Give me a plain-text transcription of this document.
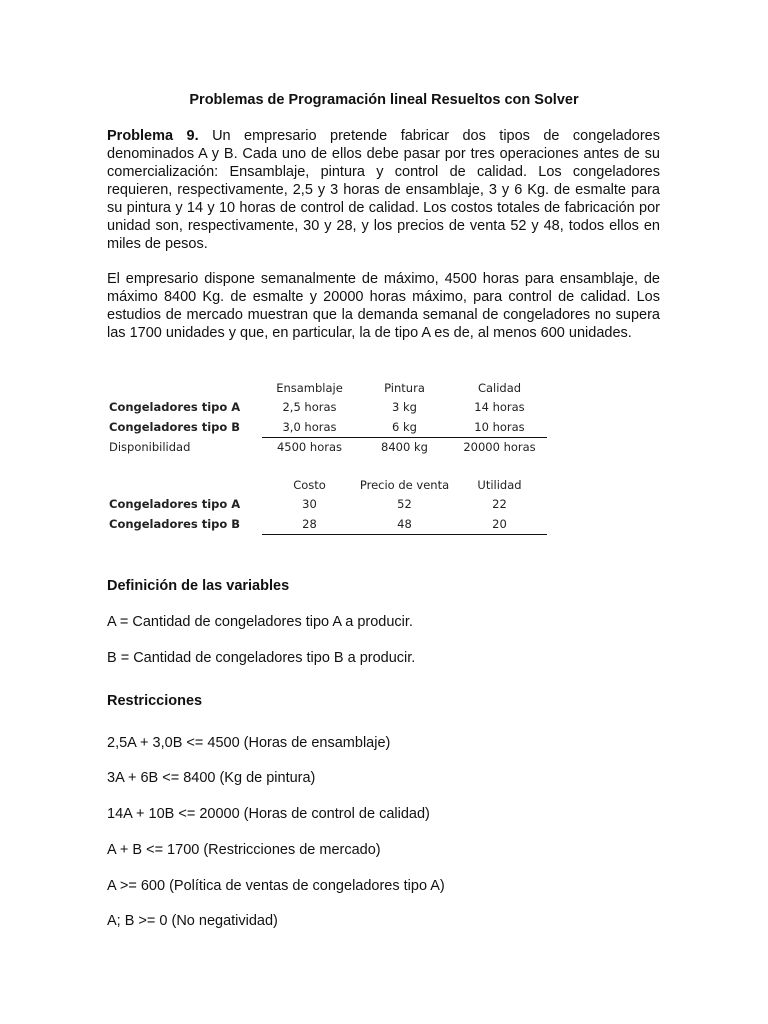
Problemas de Programación lineal Resueltos con Solver

Problema 9. Un empresario pretende fabricar dos tipos de congeladores denominados A y B. Cada uno de ellos debe pasar por tres operaciones antes de su comercialización: Ensamblaje, pintura y control de calidad. Los congeladores requieren, respectivamente, 2,5 y 3 horas de ensamblaje, 3 y 6 Kg. de esmalte para su pintura y 14 y 10 horas de control de calidad. Los costos totales de fabricación por unidad son, respectivamente, 30 y 28, y los precios de venta 52 y 48, todos ellos en miles de pesos.

El empresario dispone semanalmente de máximo, 4500 horas para ensamblaje, de máximo 8400 Kg. de esmalte y 20000 horas máximo, para control de calidad. Los estudios de mercado muestran que la demanda semanal de congeladores no supera las 1700 unidades y que, en particular, la de tipo A es de, al menos 600 unidades.

	Ensamblaje	Pintura	Calidad
Congeladores tipo A	2,5 horas	3 kg	14 horas
Congeladores tipo B	3,0 horas	6 kg	10 horas
Disponibilidad	4500 horas	8400 kg	20000 horas
	Costo	Precio de venta	Utilidad
Congeladores tipo A	30	52	22
Congeladores tipo B	28	48	20
Definición de las variables
A = Cantidad de congeladores tipo A a producir.
B = Cantidad de congeladores tipo B a producir.
Restricciones
2,5A + 3,0B <= 4500 (Horas de ensamblaje)
3A + 6B <= 8400 (Kg de pintura)
14A + 10B <= 20000 (Horas de control de calidad)
A + B <= 1700 (Restricciones de mercado)
A >= 600 (Política de ventas de congeladores tipo A)
A; B >= 0 (No negatividad)
